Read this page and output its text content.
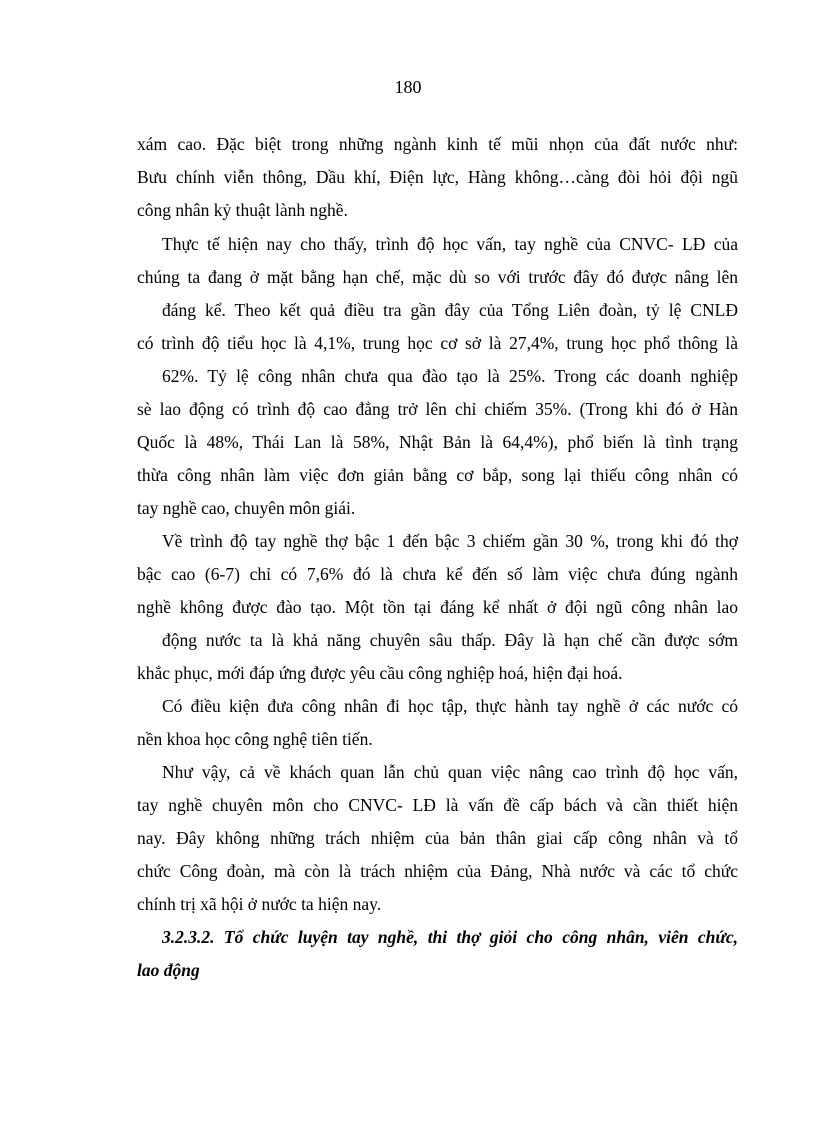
180
xám cao. Đặc biệt trong những ngành kinh tế mũi nhọn của đất nước như:
Bưu chính viễn thông, Dầu khí, Điện lực, Hàng không…càng đòi hỏi đội ngũ
công nhân kỷ thuật lành nghề.
Thực tế hiện nay cho thấy, trình độ học vấn, tay nghề của CNVC- LĐ của
chúng ta đang ở mặt bằng hạn chế, mặc dù so với trước đây đó được nâng lên
đáng kể. Theo kết quả điều tra gần đây của Tổng Liên đoàn, tỷ lệ CNLĐ
có trình độ tiểu học là 4,1%, trung học cơ sở là 27,4%, trung học phổ thông là
62%. Tỷ lệ công nhân chưa qua đào tạo là 25%. Trong các doanh nghiệp
sè lao động có trình độ cao đẳng trở lên chỉ chiếm 35%. (Trong khi đó ở Hàn
Quốc là 48%, Thái Lan là 58%, Nhật Bản là 64,4%), phổ biến là tình trạng
thừa công nhân làm việc đơn giản bằng cơ bắp, song lại thiếu công nhân có
tay nghề cao, chuyên môn giái.
Về trình độ tay nghề thợ bậc 1 đến bậc 3 chiếm gần 30 %, trong khi đó thợ
bậc cao (6-7) chỉ có 7,6% đó là chưa kể đến số làm việc chưa đúng ngành
nghề không được đào tạo. Một tồn tại đáng kể nhất ở đội ngũ công nhân lao
động nước ta là khả năng chuyên sâu thấp. Đây là hạn chế cần được sớm
khắc phục, mới đáp ứng được yêu cầu công nghiệp hoá, hiện đại hoá.
Có điều kiện đưa công nhân đi học tập, thực hành tay nghề ở các nước có
nền khoa học công nghệ tiên tiến.
Như vậy, cả về khách quan lẫn chủ quan việc nâng cao trình độ học vấn,
tay nghề chuyên môn cho CNVC- LĐ là vấn đề cấp bách và cần thiết hiện
nay. Đây không những trách nhiệm của bản thân giai cấp công nhân và tổ
chức Công đoàn, mà còn là trách nhiệm của Đảng, Nhà nước và các tổ chức
chính trị xã hội ở nước ta hiện nay.
3.2.3.2. Tổ chức luyện tay nghề, thi thợ giỏi cho công nhân, viên chức,
lao động
